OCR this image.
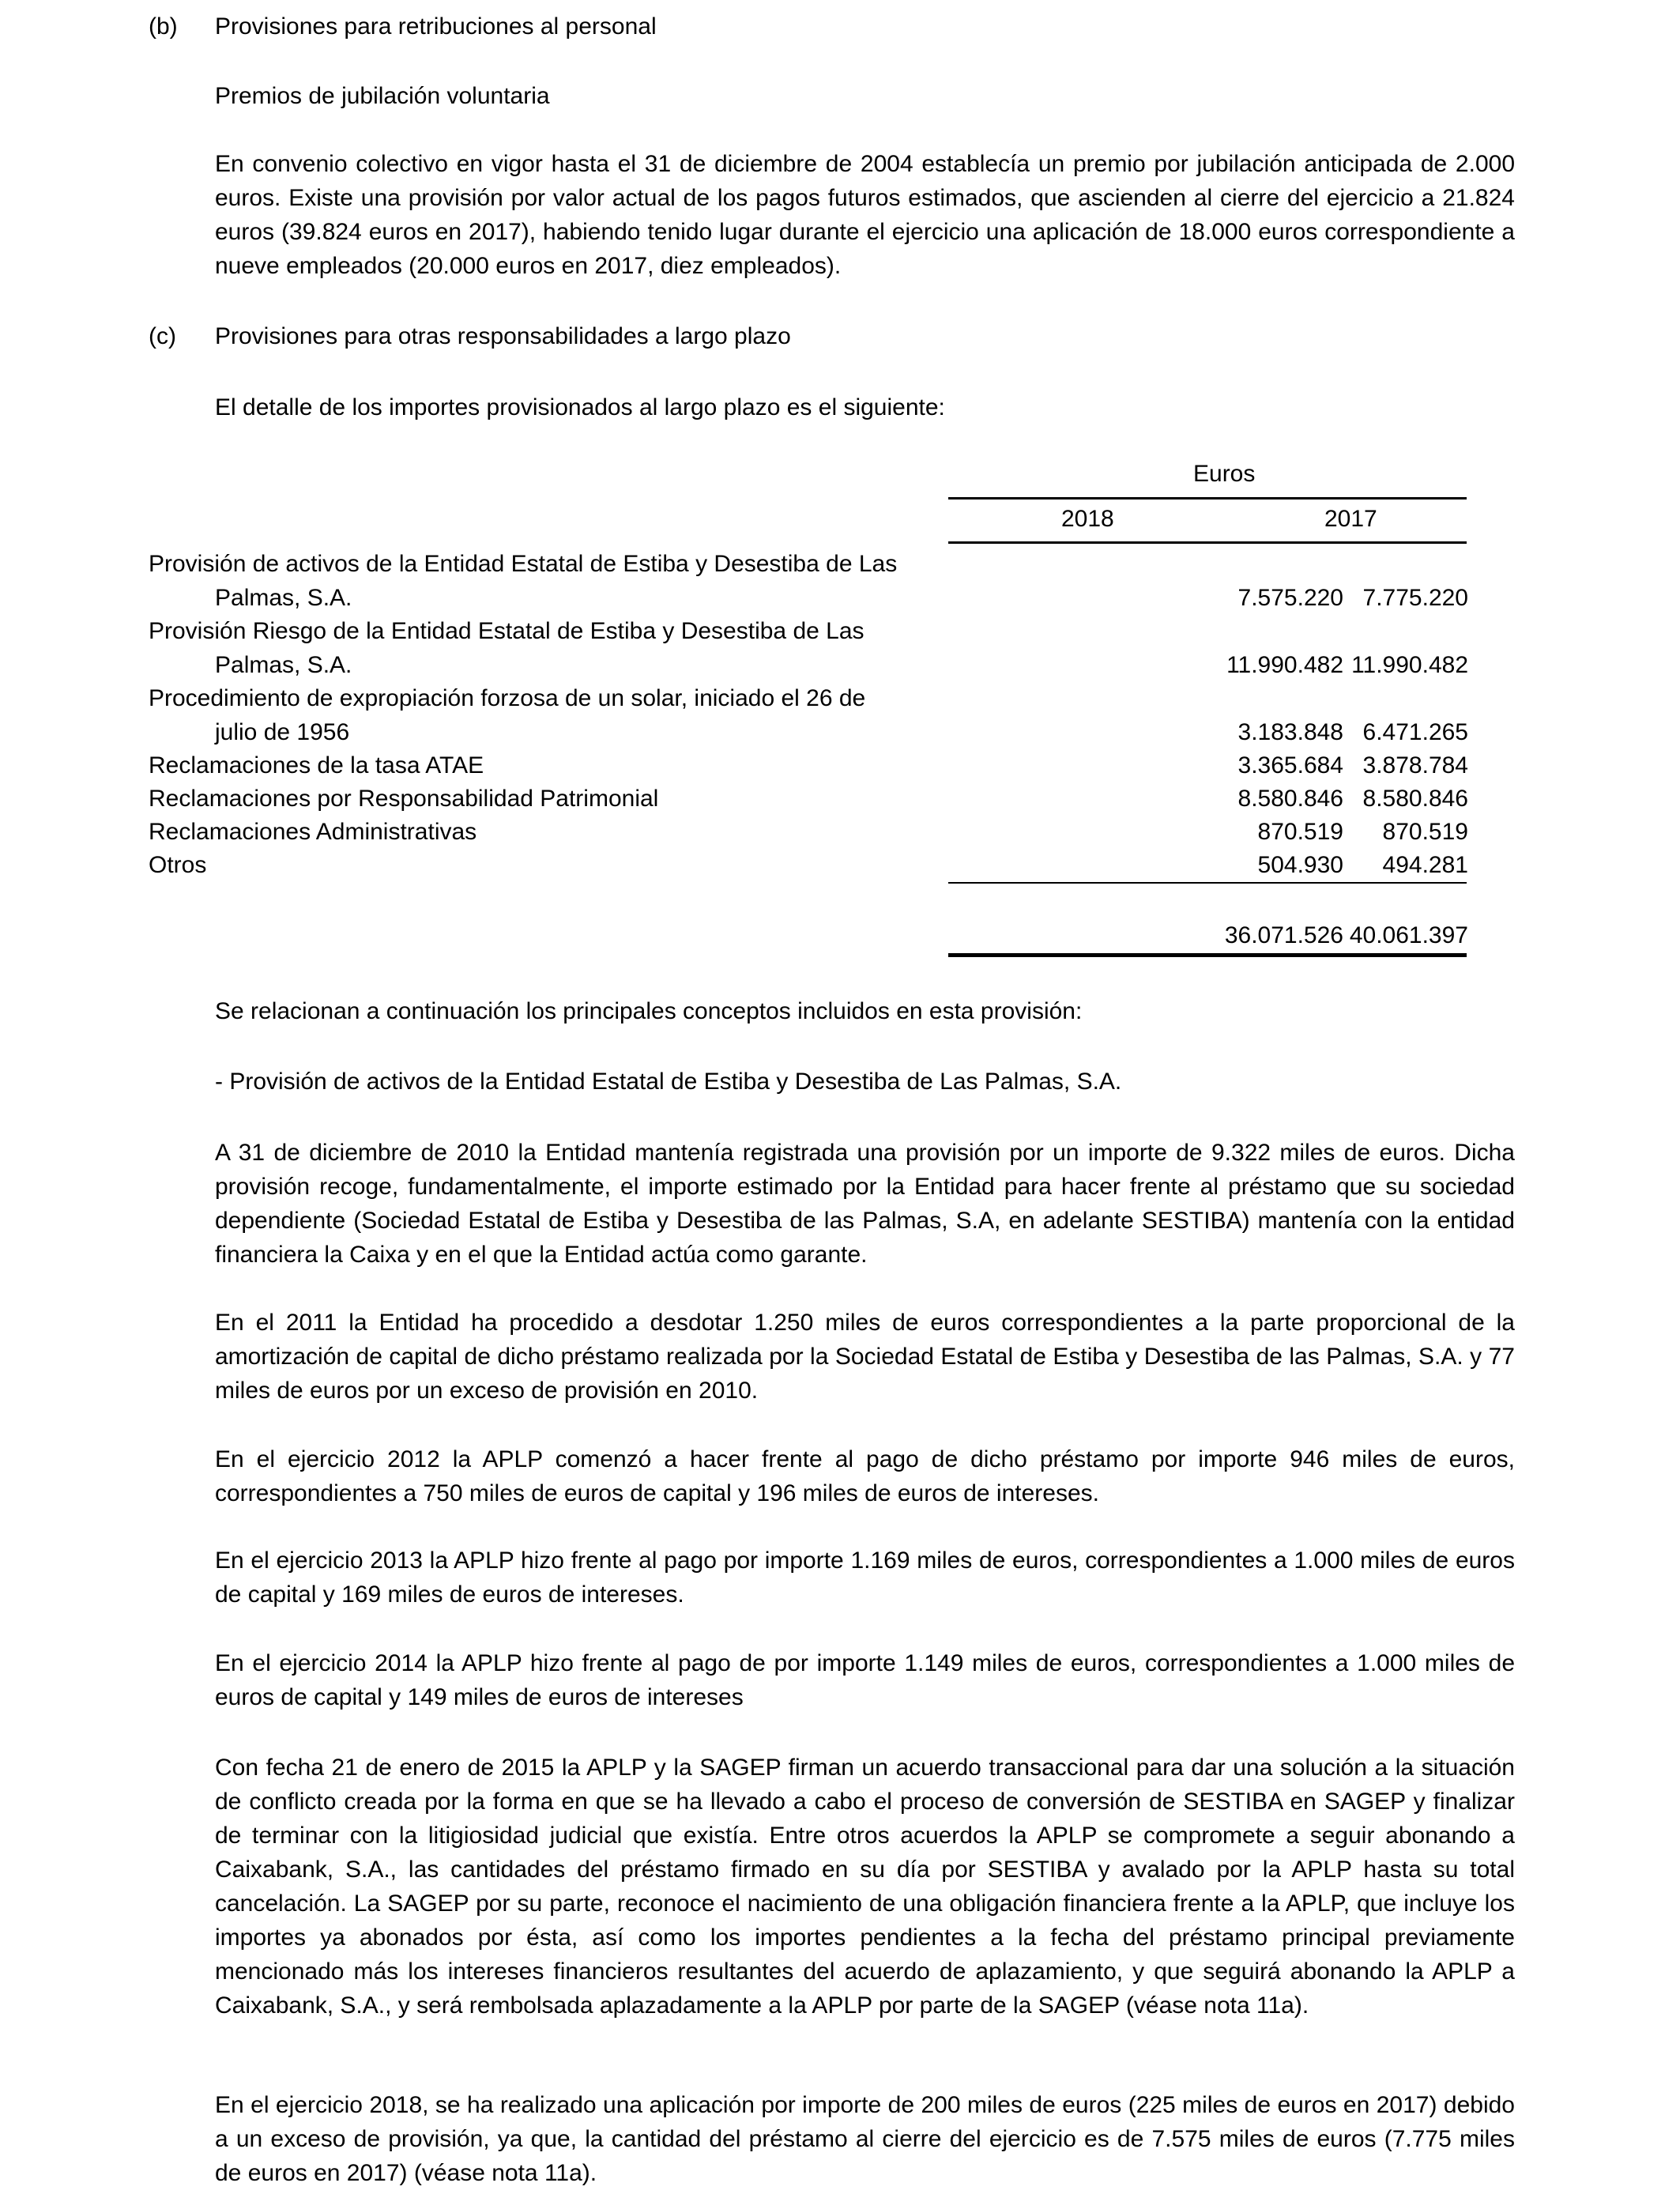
(b) Provisiones para retribuciones al personal
Premios de jubilación voluntaria
En convenio colectivo en vigor hasta el 31 de diciembre de 2004 establecía un premio por jubilación anticipada de 2.000 euros. Existe una provisión por valor actual de los pagos futuros estimados, que ascienden al cierre del ejercicio a 21.824 euros (39.824 euros en 2017), habiendo tenido lugar durante el ejercicio una aplicación de 18.000 euros correspondiente a nueve empleados (20.000 euros en 2017, diez empleados).
(c) Provisiones para otras responsabilidades a largo plazo
El detalle de los importes provisionados al largo plazo es el siguiente:
Euros
2018	2017
Provisión de activos de la Entidad Estatal de Estiba y Desestiba de Las
Palmas, S.A.	7.575.220 7.775.220
Provisión Riesgo de la Entidad Estatal de Estiba y Desestiba de Las
Palmas, S.A.	11.990.482 11.990.482
Procedimiento de expropiación forzosa de un solar, iniciado el 26 de
julio de 1956	3.183.848 6.471.265
Reclamaciones de la tasa ATAE	3.365.684 3.878.784
Reclamaciones por Responsabilidad Patrimonial	8.580.846 8.580.846
Reclamaciones Administrativas	870.519 870.519
Otros	504.930 494.281
36.071.526 40.061.397
Se relacionan a continuación los principales conceptos incluidos en esta provisión:
- Provisión de activos de la Entidad Estatal de Estiba y Desestiba de Las Palmas, S.A.
A 31 de diciembre de 2010 la Entidad mantenía registrada una provisión por un importe de 9.322 miles de euros. Dicha provisión recoge, fundamentalmente, el importe estimado por la Entidad para hacer frente al préstamo que su sociedad dependiente (Sociedad Estatal de Estiba y Desestiba de las Palmas, S.A, en adelante SESTIBA) mantenía con la entidad financiera la Caixa y en el que la Entidad actúa como garante.
En el 2011 la Entidad ha procedido a desdotar 1.250 miles de euros correspondientes a la parte proporcional de la amortización de capital de dicho préstamo realizada por la Sociedad Estatal de Estiba y Desestiba de las Palmas, S.A. y 77 miles de euros por un exceso de provisión en 2010.
En el ejercicio 2012 la APLP comenzó a hacer frente al pago de dicho préstamo por importe 946 miles de euros, correspondientes a 750 miles de euros de capital y 196 miles de euros de intereses.
En el ejercicio 2013 la APLP hizo frente al pago por importe 1.169 miles de euros, correspondientes a 1.000 miles de euros de capital y 169 miles de euros de intereses.
En el ejercicio 2014 la APLP hizo frente al pago de por importe 1.149 miles de euros, correspondientes a 1.000 miles de euros de capital y 149 miles de euros de intereses
Con fecha 21 de enero de 2015 la APLP y la SAGEP firman un acuerdo transaccional para dar una solución a la situación de conflicto creada por la forma en que se ha llevado a cabo el proceso de conversión de SESTIBA en SAGEP y finalizar de terminar con la litigiosidad judicial que existía. Entre otros acuerdos la APLP se compromete a seguir abonando a Caixabank, S.A., las cantidades del préstamo firmado en su día por SESTIBA y avalado por la APLP hasta su total cancelación. La SAGEP por su parte, reconoce el nacimiento de una obligación financiera frente a la APLP, que incluye los importes ya abonados por ésta, así como los importes pendientes a la fecha del préstamo principal previamente mencionado más los intereses financieros resultantes del acuerdo de aplazamiento, y que seguirá abonando la APLP a Caixabank, S.A., y será rembolsada aplazadamente a la APLP por parte de la SAGEP (véase nota 11a).
En el ejercicio 2018, se ha realizado una aplicación por importe de 200 miles de euros (225 miles de euros en 2017) debido a un exceso de provisión, ya que, la cantidad del préstamo al cierre del ejercicio es de 7.575 miles de euros (7.775 miles de euros en 2017) (véase nota 11a).
